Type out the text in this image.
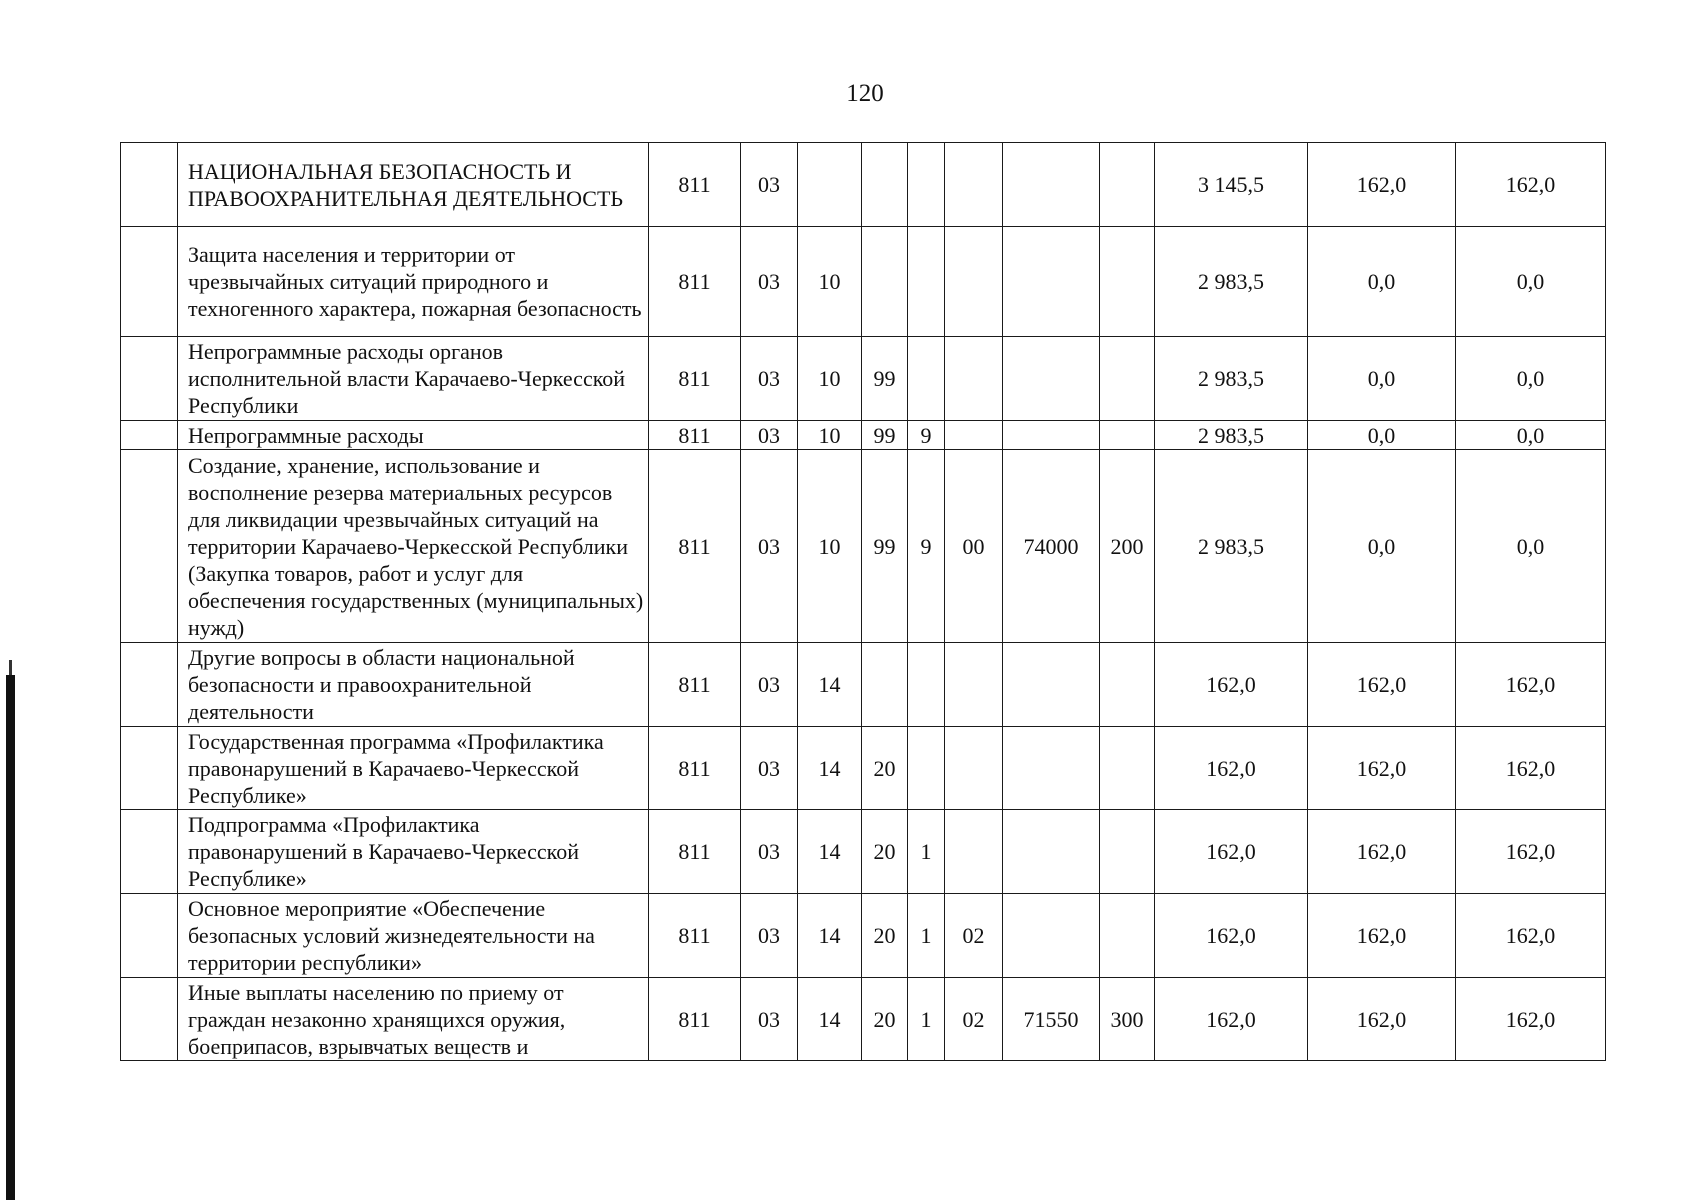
120
	НАЦИОНАЛЬНАЯ БЕЗОПАСНОСТЬ И ПРАВООХРАНИТЕЛЬНАЯ ДЕЯТЕЛЬНОСТЬ	811	03							3 145,5	162,0	162,0
	Защита населения и территории от чрезвычайных ситуаций природного и техногенного характера, пожарная безопасность	811	03	10						2 983,5	0,0	0,0
	Непрограммные расходы органов исполнительной власти Карачаево-Черкесской Республики	811	03	10	99					2 983,5	0,0	0,0
	Непрограммные расходы	811	03	10	99	9				2 983,5	0,0	0,0
	Создание, хранение, использование и восполнение резерва материальных ресурсов для ликвидации чрезвычайных ситуаций на территории Карачаево-Черкесской Республики (Закупка товаров, работ и услуг для обеспечения государственных (муниципальных) нужд)	811	03	10	99	9	00	74000	200	2 983,5	0,0	0,0
	Другие вопросы в области национальной безопасности и правоохранительной деятельности	811	03	14						162,0	162,0	162,0
	Государственная программа «Профилактика правонарушений в Карачаево-Черкесской Республике»	811	03	14	20					162,0	162,0	162,0
	Подпрограмма «Профилактика правонарушений в Карачаево-Черкесской Республике»	811	03	14	20	1				162,0	162,0	162,0
	Основное мероприятие «Обеспечение безопасных условий жизнедеятельности на территории республики»	811	03	14	20	1	02			162,0	162,0	162,0
	Иные выплаты населению по приему от граждан незаконно хранящихся оружия, боеприпасов, взрывчатых веществ и	811	03	14	20	1	02	71550	300	162,0	162,0	162,0
